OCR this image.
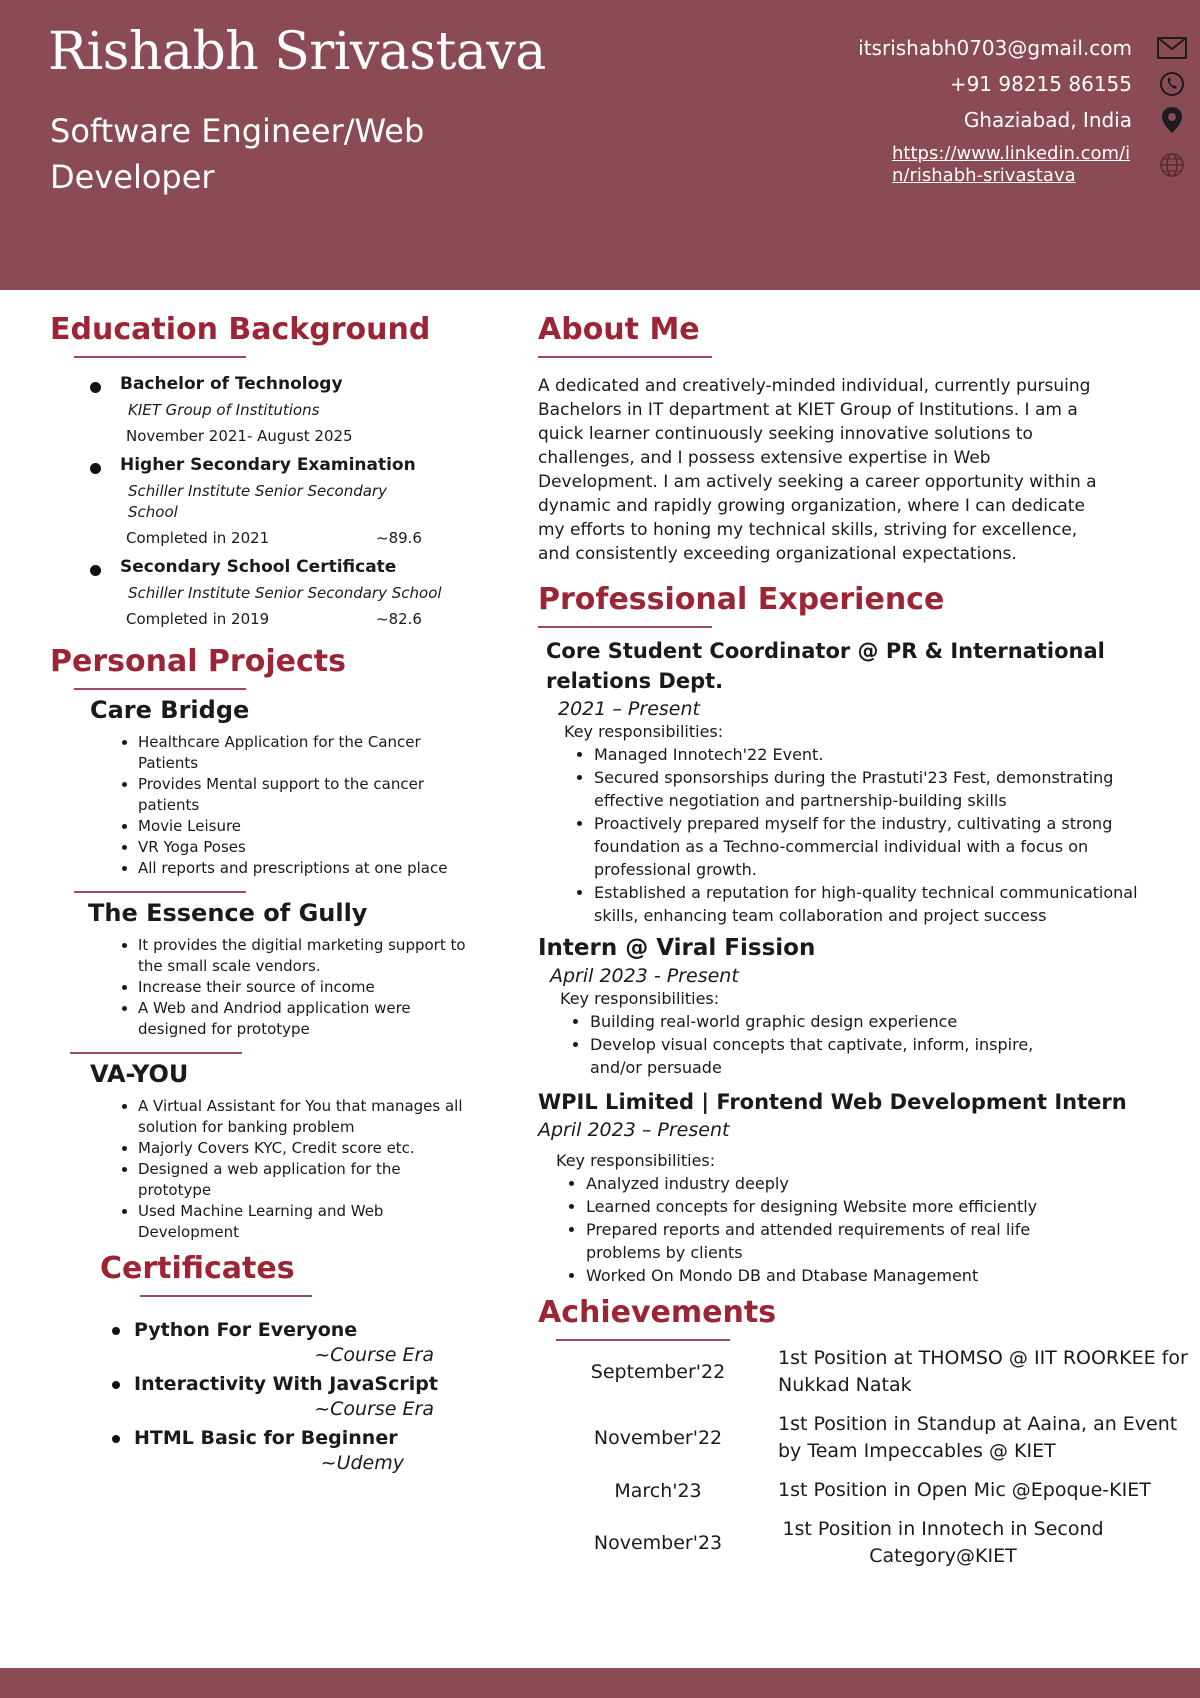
Rishabh Srivastava

Software Engineer/Web Developer

itsrishabh0703@gmail.com
+91 98215 86155
Ghaziabad, India
https://www.linkedin.com/in/rishabh-srivastava
Education Background

Bachelor of Technology

KIET Group of Institutions

November 2021- August 2025

Higher Secondary Examination

Schiller Institute Senior Secondary School

Completed in 2021	~89.6

Secondary School Certificate

Schiller Institute Senior Secondary School

Completed in 2019	~82.6
Personal Projects

Care Bridge

• Healthcare Application for the Cancer Patients
• Provides Mental support to the cancer patients
• Movie Leisure
• VR Yoga Poses
• All reports and prescriptions at one place

The Essence of Gully

• It provides the digitial marketing support to the small scale vendors.
• Increase their source of income
• A Web and Andriod application were designed for prototype

VA-YOU

• A Virtual Assistant for You that manages all solution for banking problem
• Majorly Covers KYC, Credit score etc.
• Designed a web application for the prototype
• Used Machine Learning and Web Development
Certificates

Python For Everyone

~Course Era

Interactivity With JavaScript

~Course Era

HTML Basic for Beginner

~Udemy

About Me

A dedicated and creatively-minded individual, currently pursuing Bachelors in IT department at KIET Group of Institutions. I am a quick learner continuously seeking innovative solutions to challenges, and I possess extensive expertise in Web Development. I am actively seeking a career opportunity within a dynamic and rapidly growing organization, where I can dedicate my efforts to honing my technical skills, striving for excellence, and consistently exceeding organizational expectations.

Professional Experience

Core Student Coordinator @ PR & International relations Dept.

2021 – Present

Key responsibilities:

• Managed Innotech'22 Event.
• Secured sponsorships during the Prastuti'23 Fest, demonstrating effective negotiation and partnership-building skills
• Proactively prepared myself for the industry, cultivating a strong foundation as a Techno-commercial individual with a focus on professional growth.
• Established a reputation for high-quality technical communicational skills, enhancing team collaboration and project success

Intern @ Viral Fission

April 2023 - Present

Key responsibilities:

• Building real-world graphic design experience
• Develop visual concepts that captivate, inform, inspire, and/or persuade

WPIL Limited | Frontend Web Development Intern

April 2023 – Present

Key responsibilities:

• Analyzed industry deeply
• Learned concepts for designing Website more efficiently
• Prepared reports and attended requirements of real life problems by clients
• Worked On Mondo DB and Dtabase Management
Achievements
September'22
1st Position at THOMSO @ IIT ROORKEE for Nukkad Natak
November'22
1st Position in Standup at Aaina, an Event by Team Impeccables @ KIET
March'23	1st Position in Open Mic @Epoque-KIET
November'23
1st Position in Innotech in Second Category@KIET
